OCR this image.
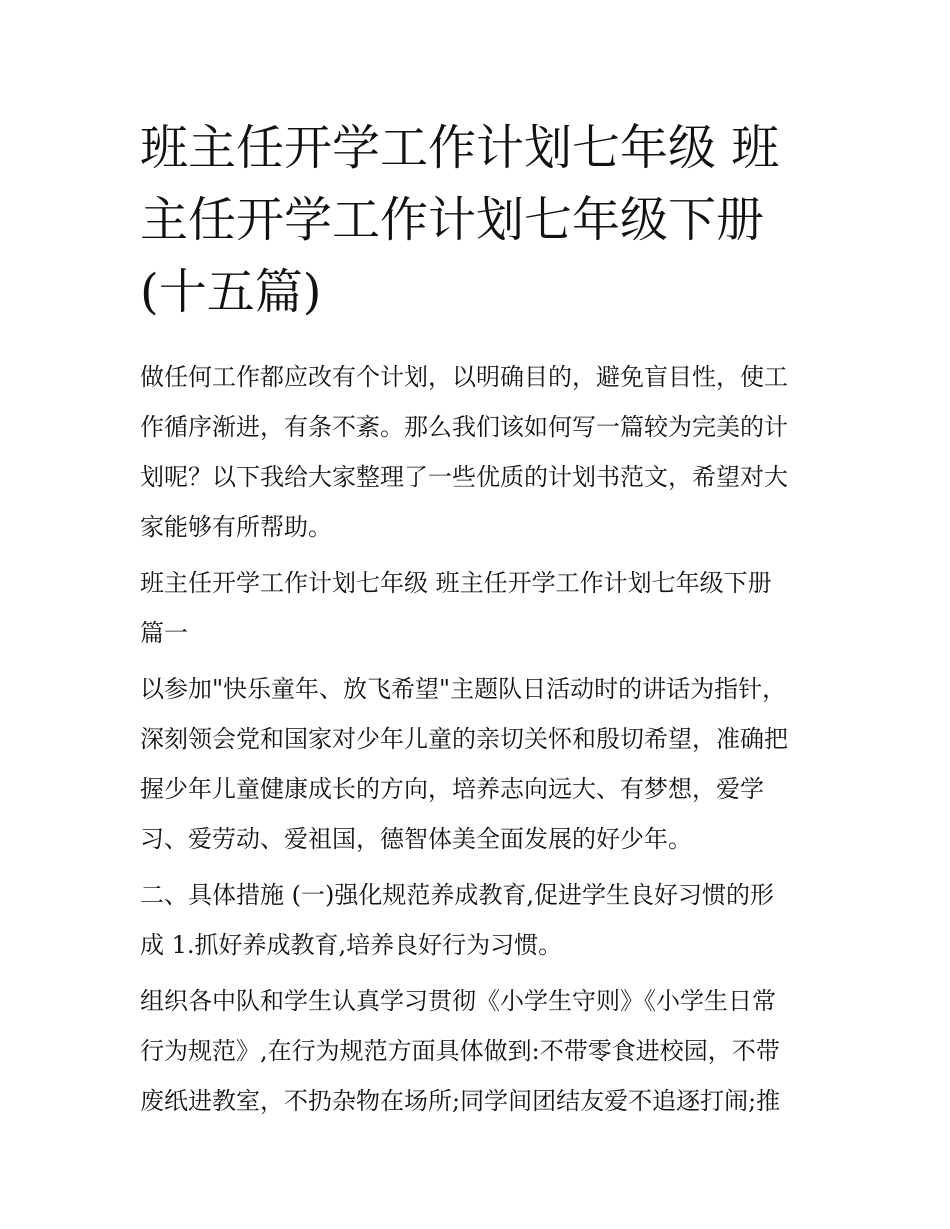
班主任开学工作计划七年级 班
主任开学工作计划七年级下册
(十五篇)

做任何工作都应改有个计划，以明确目的，避免盲目性，使工
作循序渐进，有条不紊。那么我们该如何写一篇较为完美的计
划呢？以下我给大家整理了一些优质的计划书范文，希望对大
家能够有所帮助。

班主任开学工作计划七年级 班主任开学工作计划七年级下册
篇一

以参加"快乐童年、放飞希望"主题队日活动时的讲话为指针，
深刻领会党和国家对少年儿童的亲切关怀和殷切希望，准确把
握少年儿童健康成长的方向，培养志向远大、有梦想，爱学
习、爱劳动、爱祖国，德智体美全面发展的好少年。

二、具体措施 (一)强化规范养成教育,促进学生良好习惯的形
成 1.抓好养成教育,培养良好行为习惯。

组织各中队和学生认真学习贯彻《小学生守则》《小学生日常
行为规范》,在行为规范方面具体做到:不带零食进校园，不带
废纸进教室，不扔杂物在场所;同学间团结友爱不追逐打闹;推
